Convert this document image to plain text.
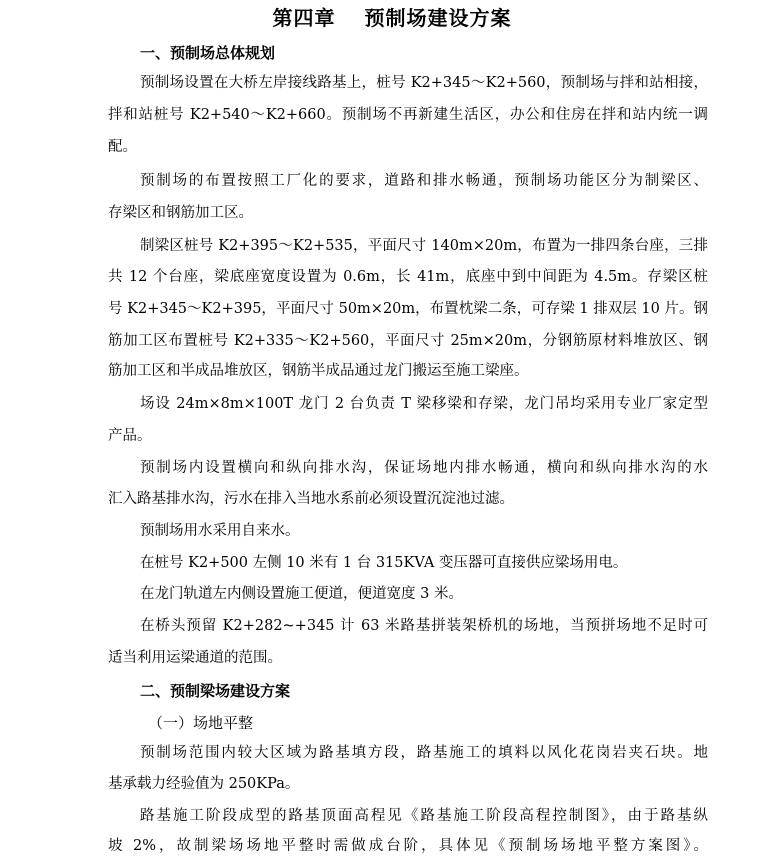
第四章　 预制场建设方案
一、预制场总体规划
预制场设置在大桥左岸接线路基上，桩号 K2+345～K2+560，预制场与拌和站相接，
拌和站桩号 K2+540～K2+660。预制场不再新建生活区，办公和住房在拌和站内统一调
配。
预制场的布置按照工厂化的要求，道路和排水畅通，预制场功能区分为制梁区、
存梁区和钢筋加工区。
制梁区桩号 K2+395～K2+535，平面尺寸 140m×20m，布置为一排四条台座，三排
共 12 个台座，梁底座宽度设置为 0.6m，长 41m，底座中到中间距为 4.5m。存梁区桩
号 K2+345～K2+395，平面尺寸 50m×20m，布置枕梁二条，可存梁 1 排双层 10 片。钢
筋加工区布置桩号 K2+335～K2+560，平面尺寸 25m×20m，分钢筋原材料堆放区、钢
筋加工区和半成品堆放区，钢筋半成品通过龙门搬运至施工梁座。
场设 24m×8m×100T 龙门 2 台负责 T 梁移梁和存梁，龙门吊均采用专业厂家定型
产品。
预制场内设置横向和纵向排水沟，保证场地内排水畅通，横向和纵向排水沟的水
汇入路基排水沟，污水在排入当地水系前必须设置沉淀池过滤。
预制场用水采用自来水。
在桩号 K2+500 左侧 10 米有 1 台 315KVA 变压器可直接供应梁场用电。
在龙门轨道左内侧设置施工便道，便道宽度 3 米。
在桥头预留 K2+282~+345 计 63 米路基拼装架桥机的场地，当预拼场地不足时可
适当利用运梁通道的范围。
二、预制梁场建设方案
（一）场地平整
预制场范围内较大区域为路基填方段，路基施工的填料以风化花岗岩夹石块。地
基承载力经验值为 250KPa。
路基施工阶段成型的路基顶面高程见《路基施工阶段高程控制图》，由于路基纵
坡 2%，故制梁场场地平整时需做成台阶，具体见《预制场场地平整方案图》。
